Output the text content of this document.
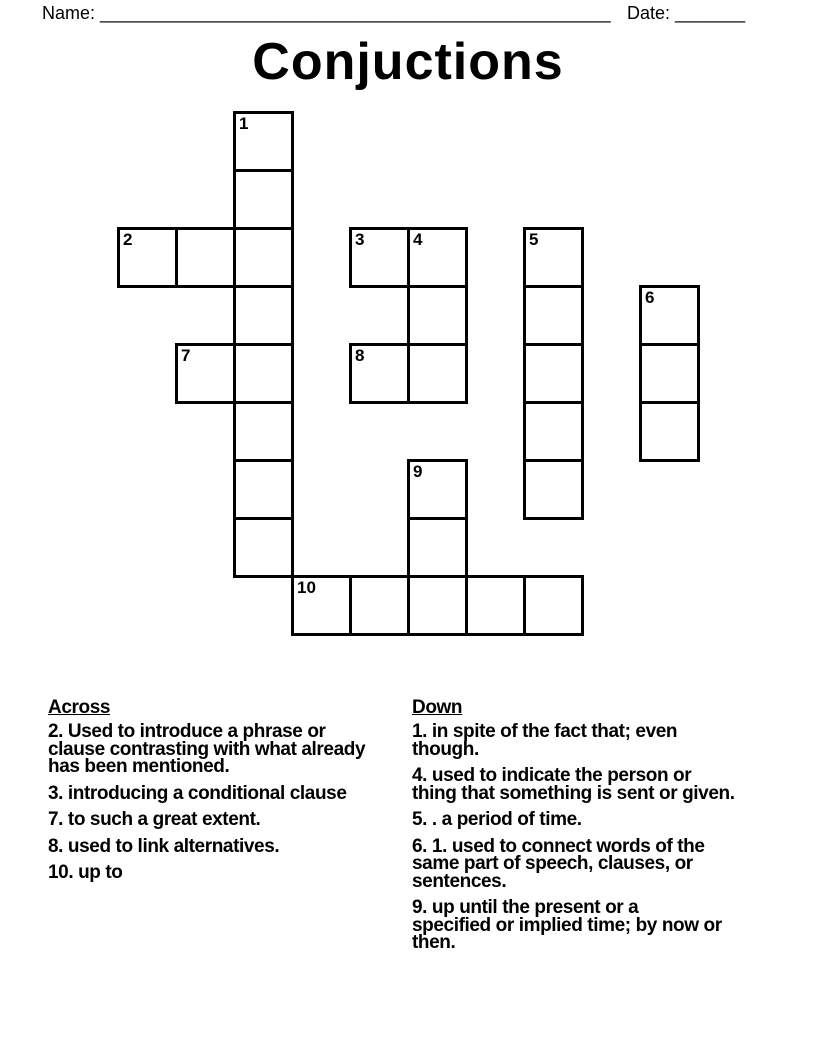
Name: ___________________________________________________ Date: _______
Conjuctions
1
2	3	4	5
6
7	8
9
10
Across
2. Used to introduce a phrase or
clause contrasting with what already
has been mentioned.
3. introducing a conditional clause
7. to such a great extent.
8. used to link alternatives.
10. up to
Down
1. in spite of the fact that; even
though.
4. used to indicate the person or
thing that something is sent or given.
5. . a period of time.
6. 1. used to connect words of the
same part of speech, clauses, or
sentences.
9. up until the present or a
specified or implied time; by now or
then.
